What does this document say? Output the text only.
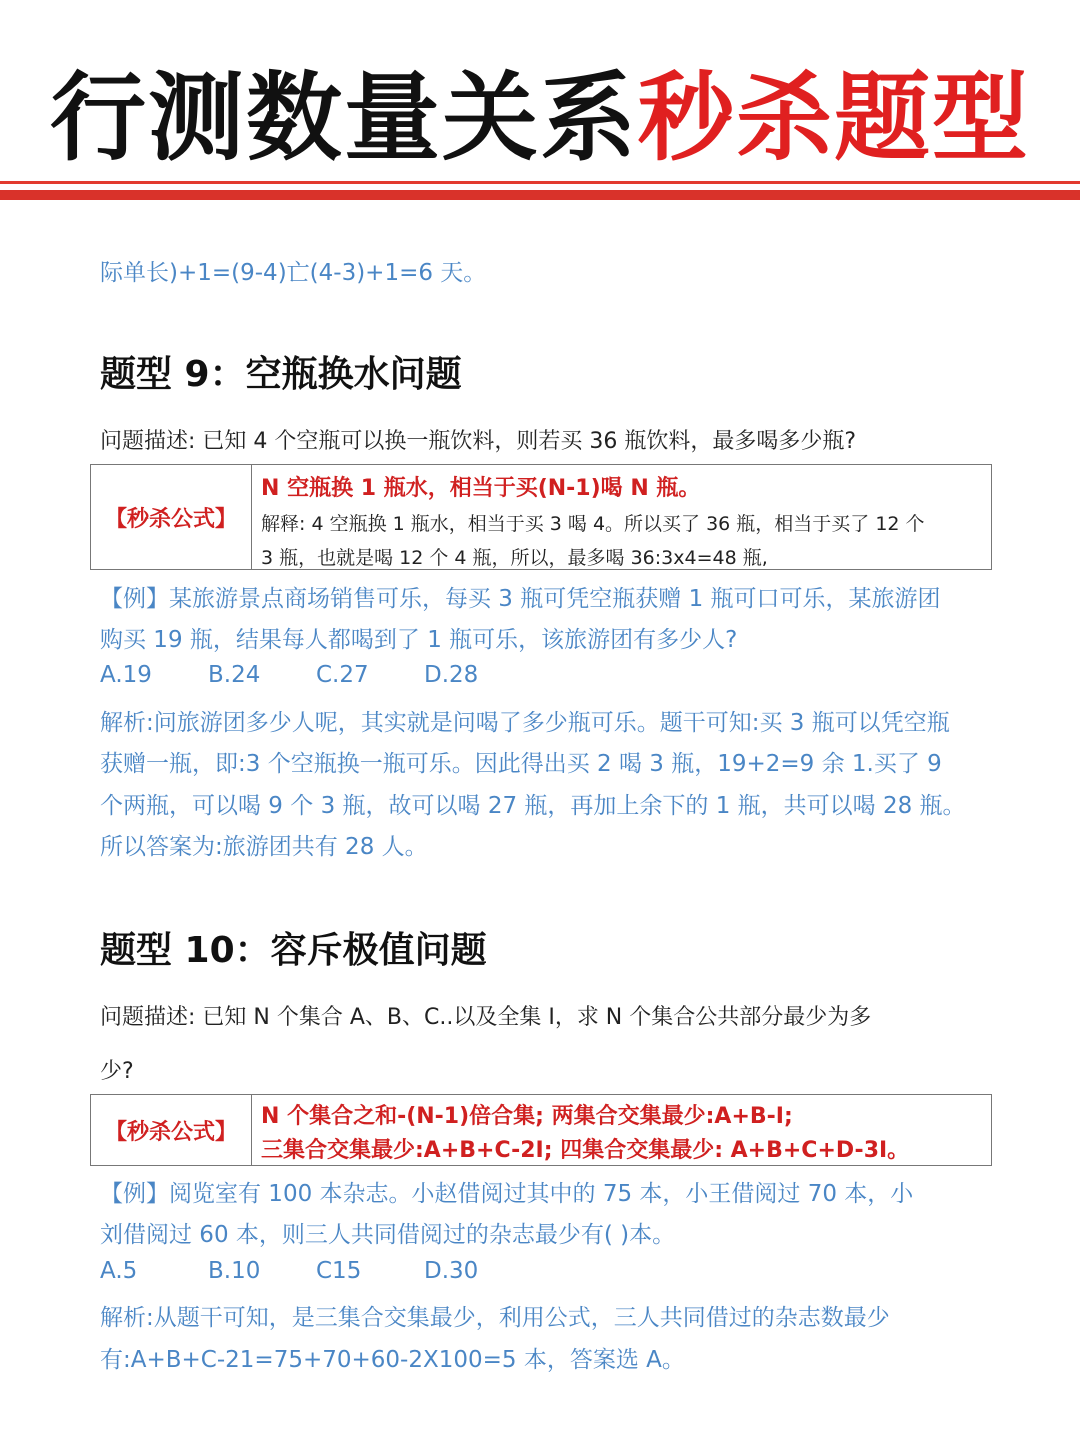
行测数量关系秒杀题型
际单长)+1=(9-4)亡(4-3)+1=6 天。
题型 9：空瓶换水问题
问题描述: 已知 4 个空瓶可以换一瓶饮料，则若买 36 瓶饮料，最多喝多少瓶?
【秒杀公式】
N 空瓶换 1 瓶水，相当于买(N-1)喝 N 瓶。
解释: 4 空瓶换 1 瓶水，相当于买 3 喝 4。所以买了 36 瓶，相当于买了 12 个
3 瓶，也就是喝 12 个 4 瓶，所以，最多喝 36:3x4=48 瓶,
【例】某旅游景点商场销售可乐，每买 3 瓶可凭空瓶获赠 1 瓶可口可乐，某旅游团
购买 19 瓶，结果每人都喝到了 1 瓶可乐，该旅游团有多少人?
A.19	B.24	C.27	D.28
解析:问旅游团多少人呢，其实就是问喝了多少瓶可乐。题干可知:买 3 瓶可以凭空瓶
获赠一瓶，即:3 个空瓶换一瓶可乐。因此得出买 2 喝 3 瓶，19+2=9 余 1.买了 9
个两瓶，可以喝 9 个 3 瓶，故可以喝 27 瓶，再加上余下的 1 瓶，共可以喝 28 瓶。
所以答案为:旅游团共有 28 人。
题型 10：容斥极值问题
问题描述: 已知 N 个集合 A、B、C..以及全集 I，求 N 个集合公共部分最少为多
少?
【秒杀公式】
N 个集合之和-(N-1)倍合集; 两集合交集最少:A+B-I;
三集合交集最少:A+B+C-2I; 四集合交集最少: A+B+C+D-3I。
【例】阅览室有 100 本杂志。小赵借阅过其中的 75 本，小王借阅过 70 本，小
刘借阅过 60 本，则三人共同借阅过的杂志最少有( )本。
A.5	B.10	C15	D.30
解析:从题干可知，是三集合交集最少，利用公式，三人共同借过的杂志数最少
有:A+B+C-21=75+70+60-2X100=5 本，答案选 A。
